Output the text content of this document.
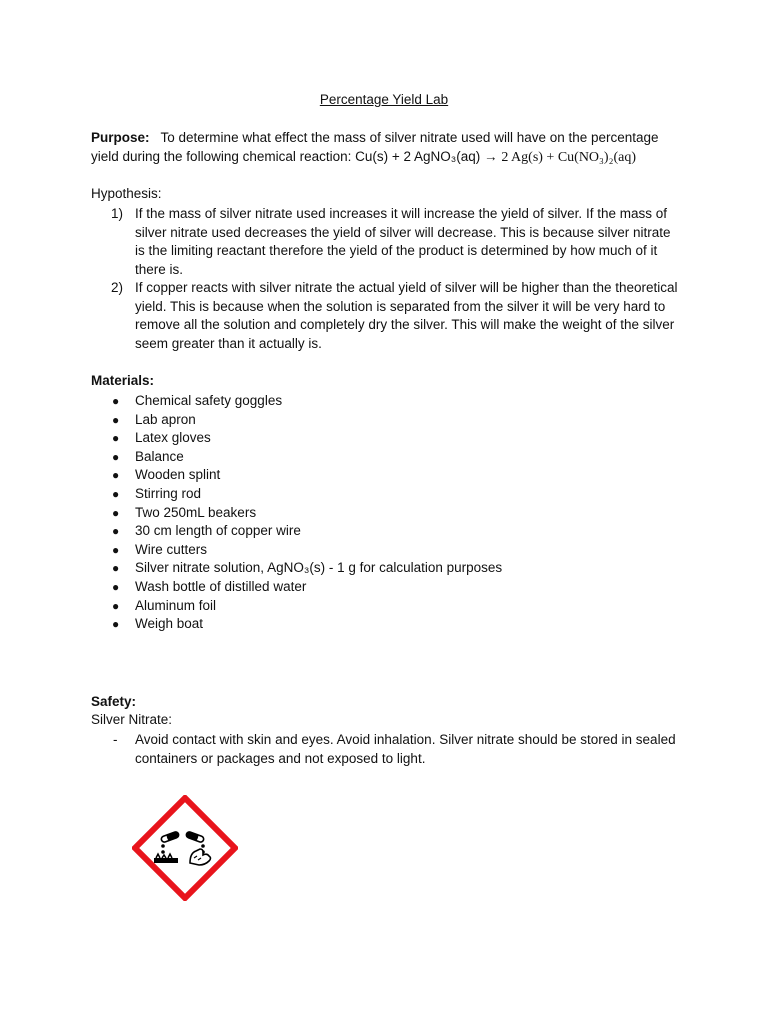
Percentage Yield Lab
Purpose: To determine what effect the mass of silver nitrate used will have on the percentage yield during the following chemical reaction: Cu(s) + 2 AgNO₃(aq) → 2 Ag(s) + Cu(NO₃)₂(aq)
Hypothesis:
1) If the mass of silver nitrate used increases it will increase the yield of silver. If the mass of silver nitrate used decreases the yield of silver will decrease. This is because silver nitrate is the limiting reactant therefore the yield of the product is determined by how much of it there is.
2) If copper reacts with silver nitrate the actual yield of silver will be higher than the theoretical yield. This is because when the solution is separated from the silver it will be very hard to remove all the solution and completely dry the silver. This will make the weight of the silver seem greater than it actually is.
Materials:
● Chemical safety goggles
● Lab apron
● Latex gloves
● Balance
● Wooden splint
● Stirring rod
● Two 250mL beakers
● 30 cm length of copper wire
● Wire cutters
● Silver nitrate solution, AgNO₃(s) - 1 g for calculation purposes
● Wash bottle of distilled water
● Aluminum foil
● Weigh boat
Safety:
Silver Nitrate:
-	Avoid contact with skin and eyes. Avoid inhalation. Silver nitrate should be stored in sealed containers or packages and not exposed to light.
